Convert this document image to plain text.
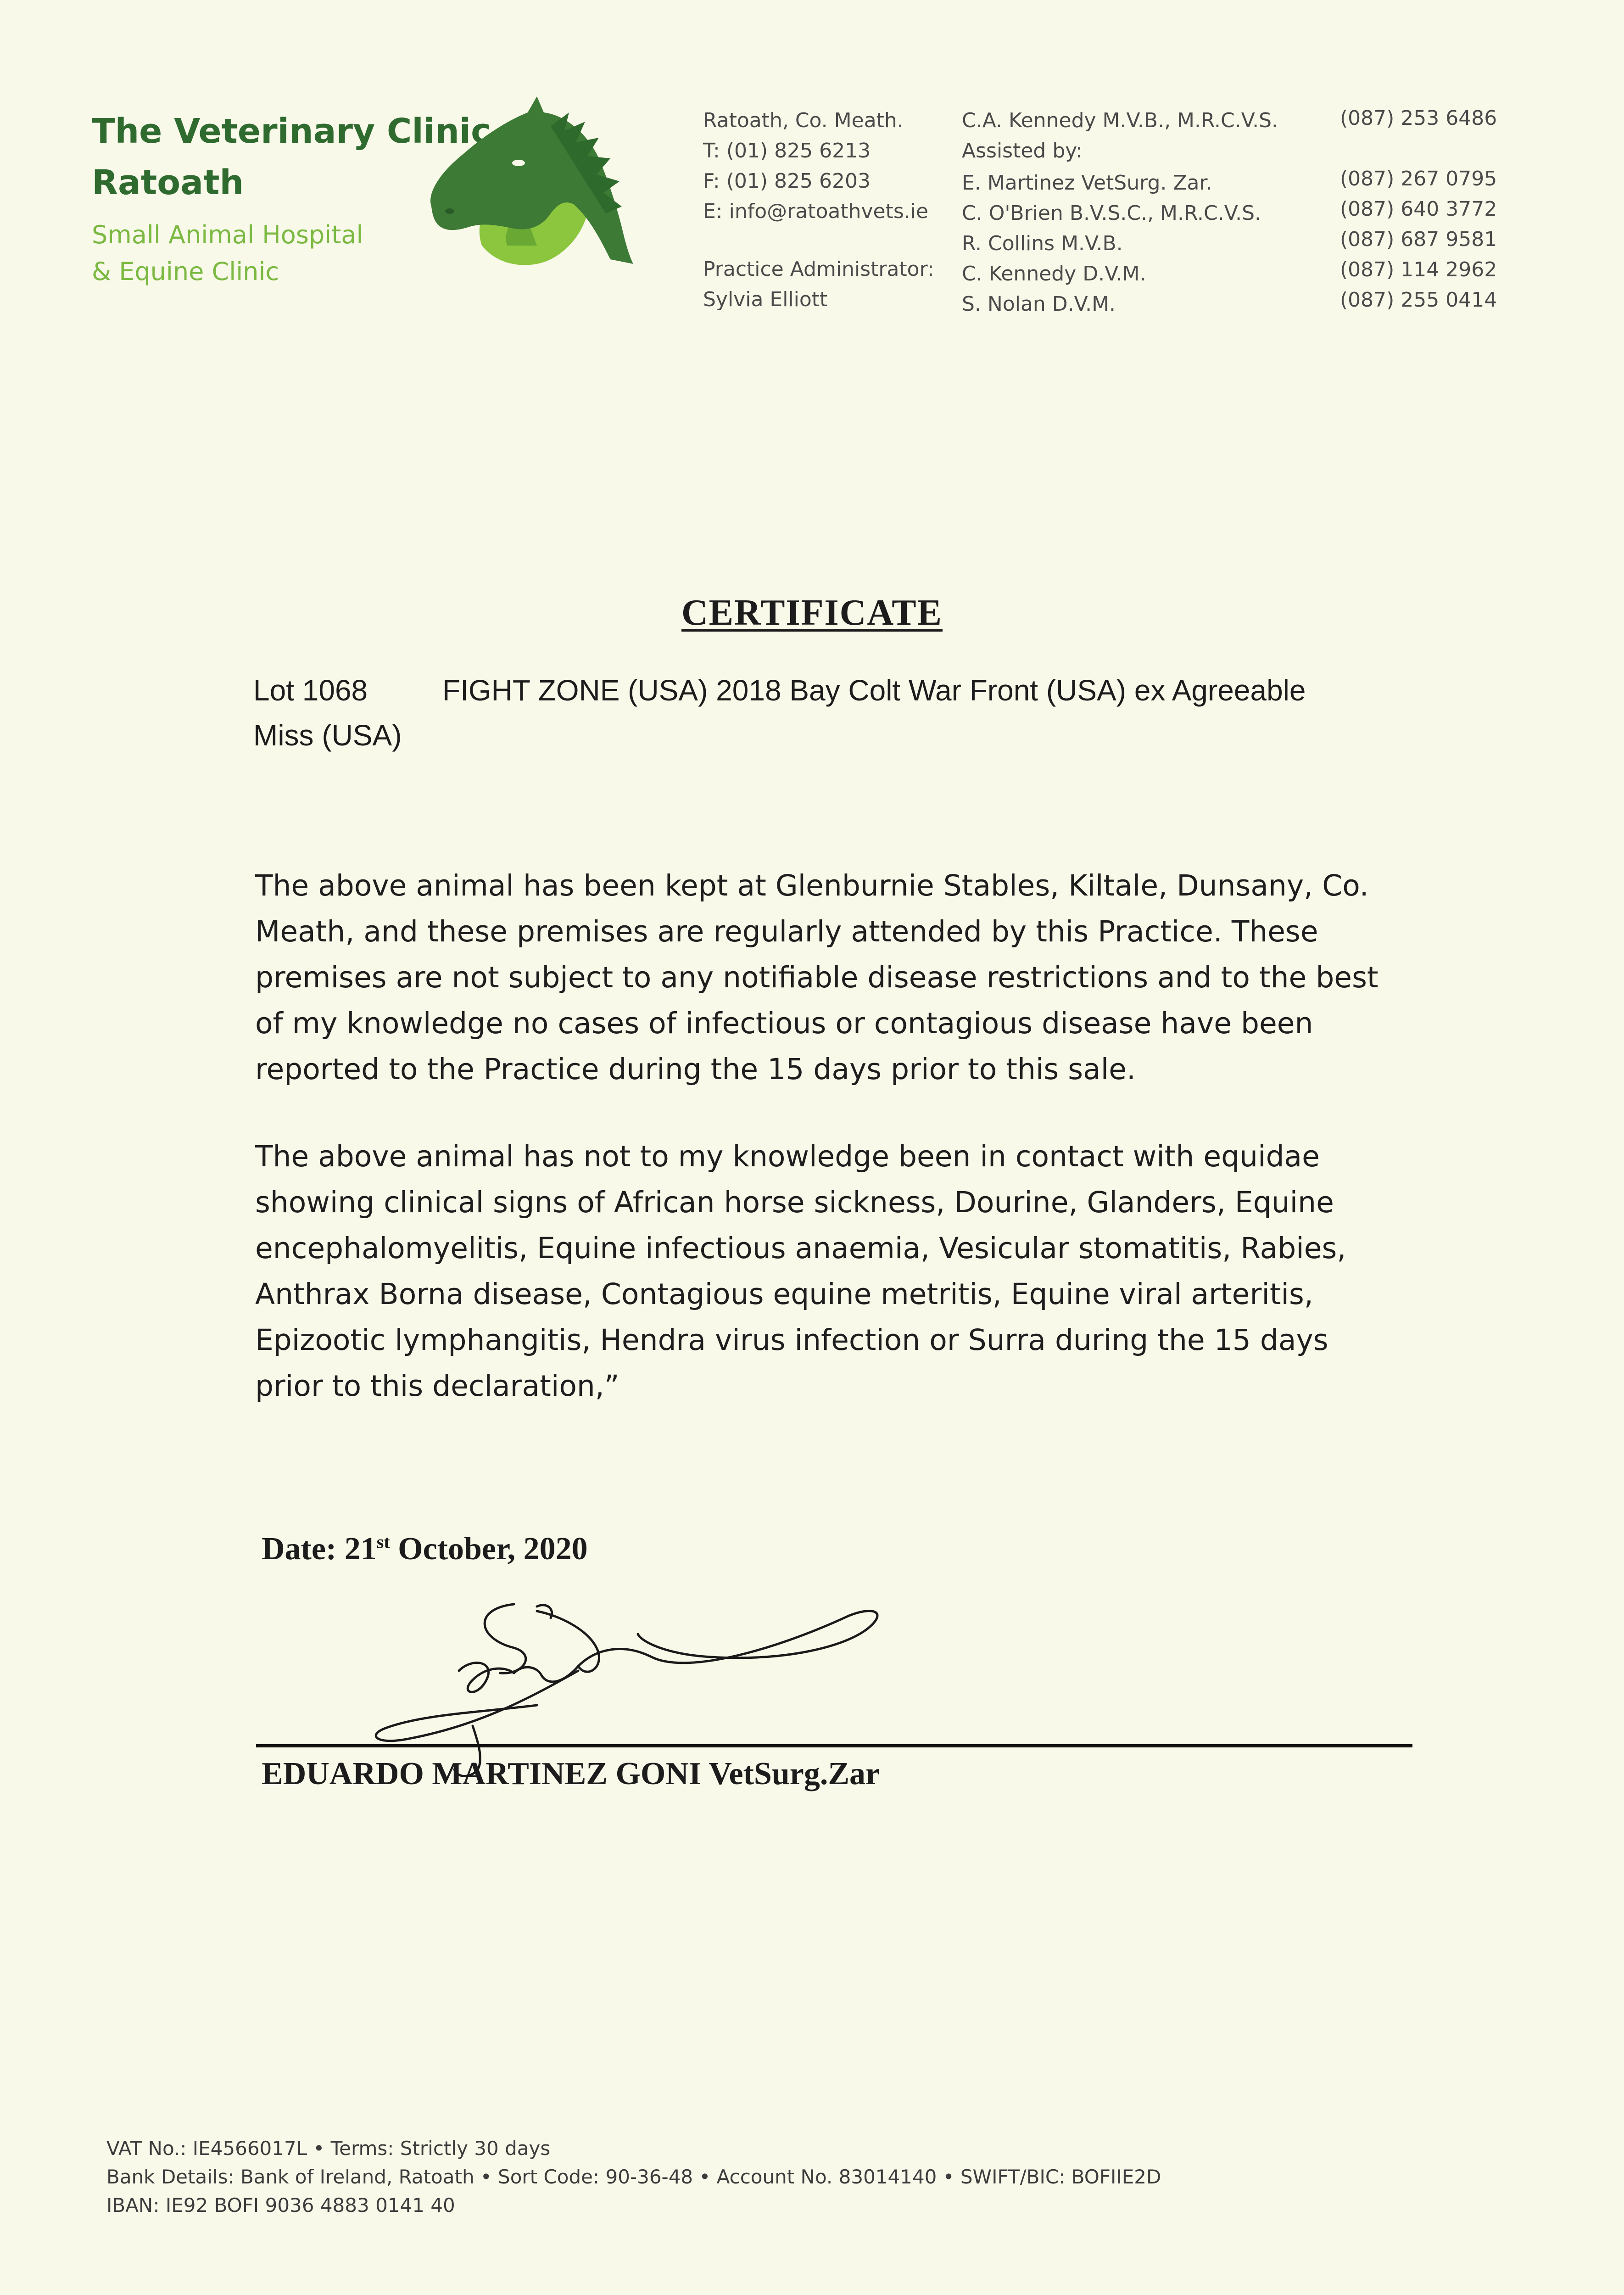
The Veterinary Clinic
Ratoath
Small Animal Hospital
& Equine Clinic
Ratoath, Co. Meath.
T: (01) 825 6213
F: (01) 825 6203
E: info@ratoathvets.ie
Practice Administrator:
Sylvia Elliott
C.A. Kennedy M.V.B., M.R.C.V.S.
Assisted by:
E. Martinez VetSurg. Zar.
C. O'Brien B.V.S.C., M.R.C.V.S.
R. Collins M.V.B.
C. Kennedy D.V.M.
S. Nolan D.V.M.
(087) 253 6486
(087) 267 0795
(087) 640 3772
(087) 687 9581
(087) 114 2962
(087) 255 0414
CERTIFICATE
Lot 1068	FIGHT ZONE (USA) 2018 Bay Colt War Front (USA) ex Agreeable
Miss (USA)
The above animal has been kept at Glenburnie Stables, Kiltale, Dunsany, Co. Meath, and these premises are regularly attended by this Practice. These premises are not subject to any notifiable disease restrictions and to the best of my knowledge no cases of infectious or contagious disease have been reported to the Practice during the 15 days prior to this sale.
The above animal has not to my knowledge been in contact with equidae showing clinical signs of African horse sickness, Dourine, Glanders, Equine encephalomyelitis, Equine infectious anaemia, Vesicular stomatitis, Rabies, Anthrax Borna disease, Contagious equine metritis, Equine viral arteritis, Epizootic lymphangitis, Hendra virus infection or Surra during the 15 days prior to this declaration,”
Date: 21st October, 2020
EDUARDO MARTINEZ GONI VetSurg.Zar
VAT No.: IE4566017L • Terms: Strictly 30 days
Bank Details: Bank of Ireland, Ratoath • Sort Code: 90-36-48 • Account No. 83014140 • SWIFT/BIC: BOFIIE2D
IBAN: IE92 BOFI 9036 4883 0141 40
